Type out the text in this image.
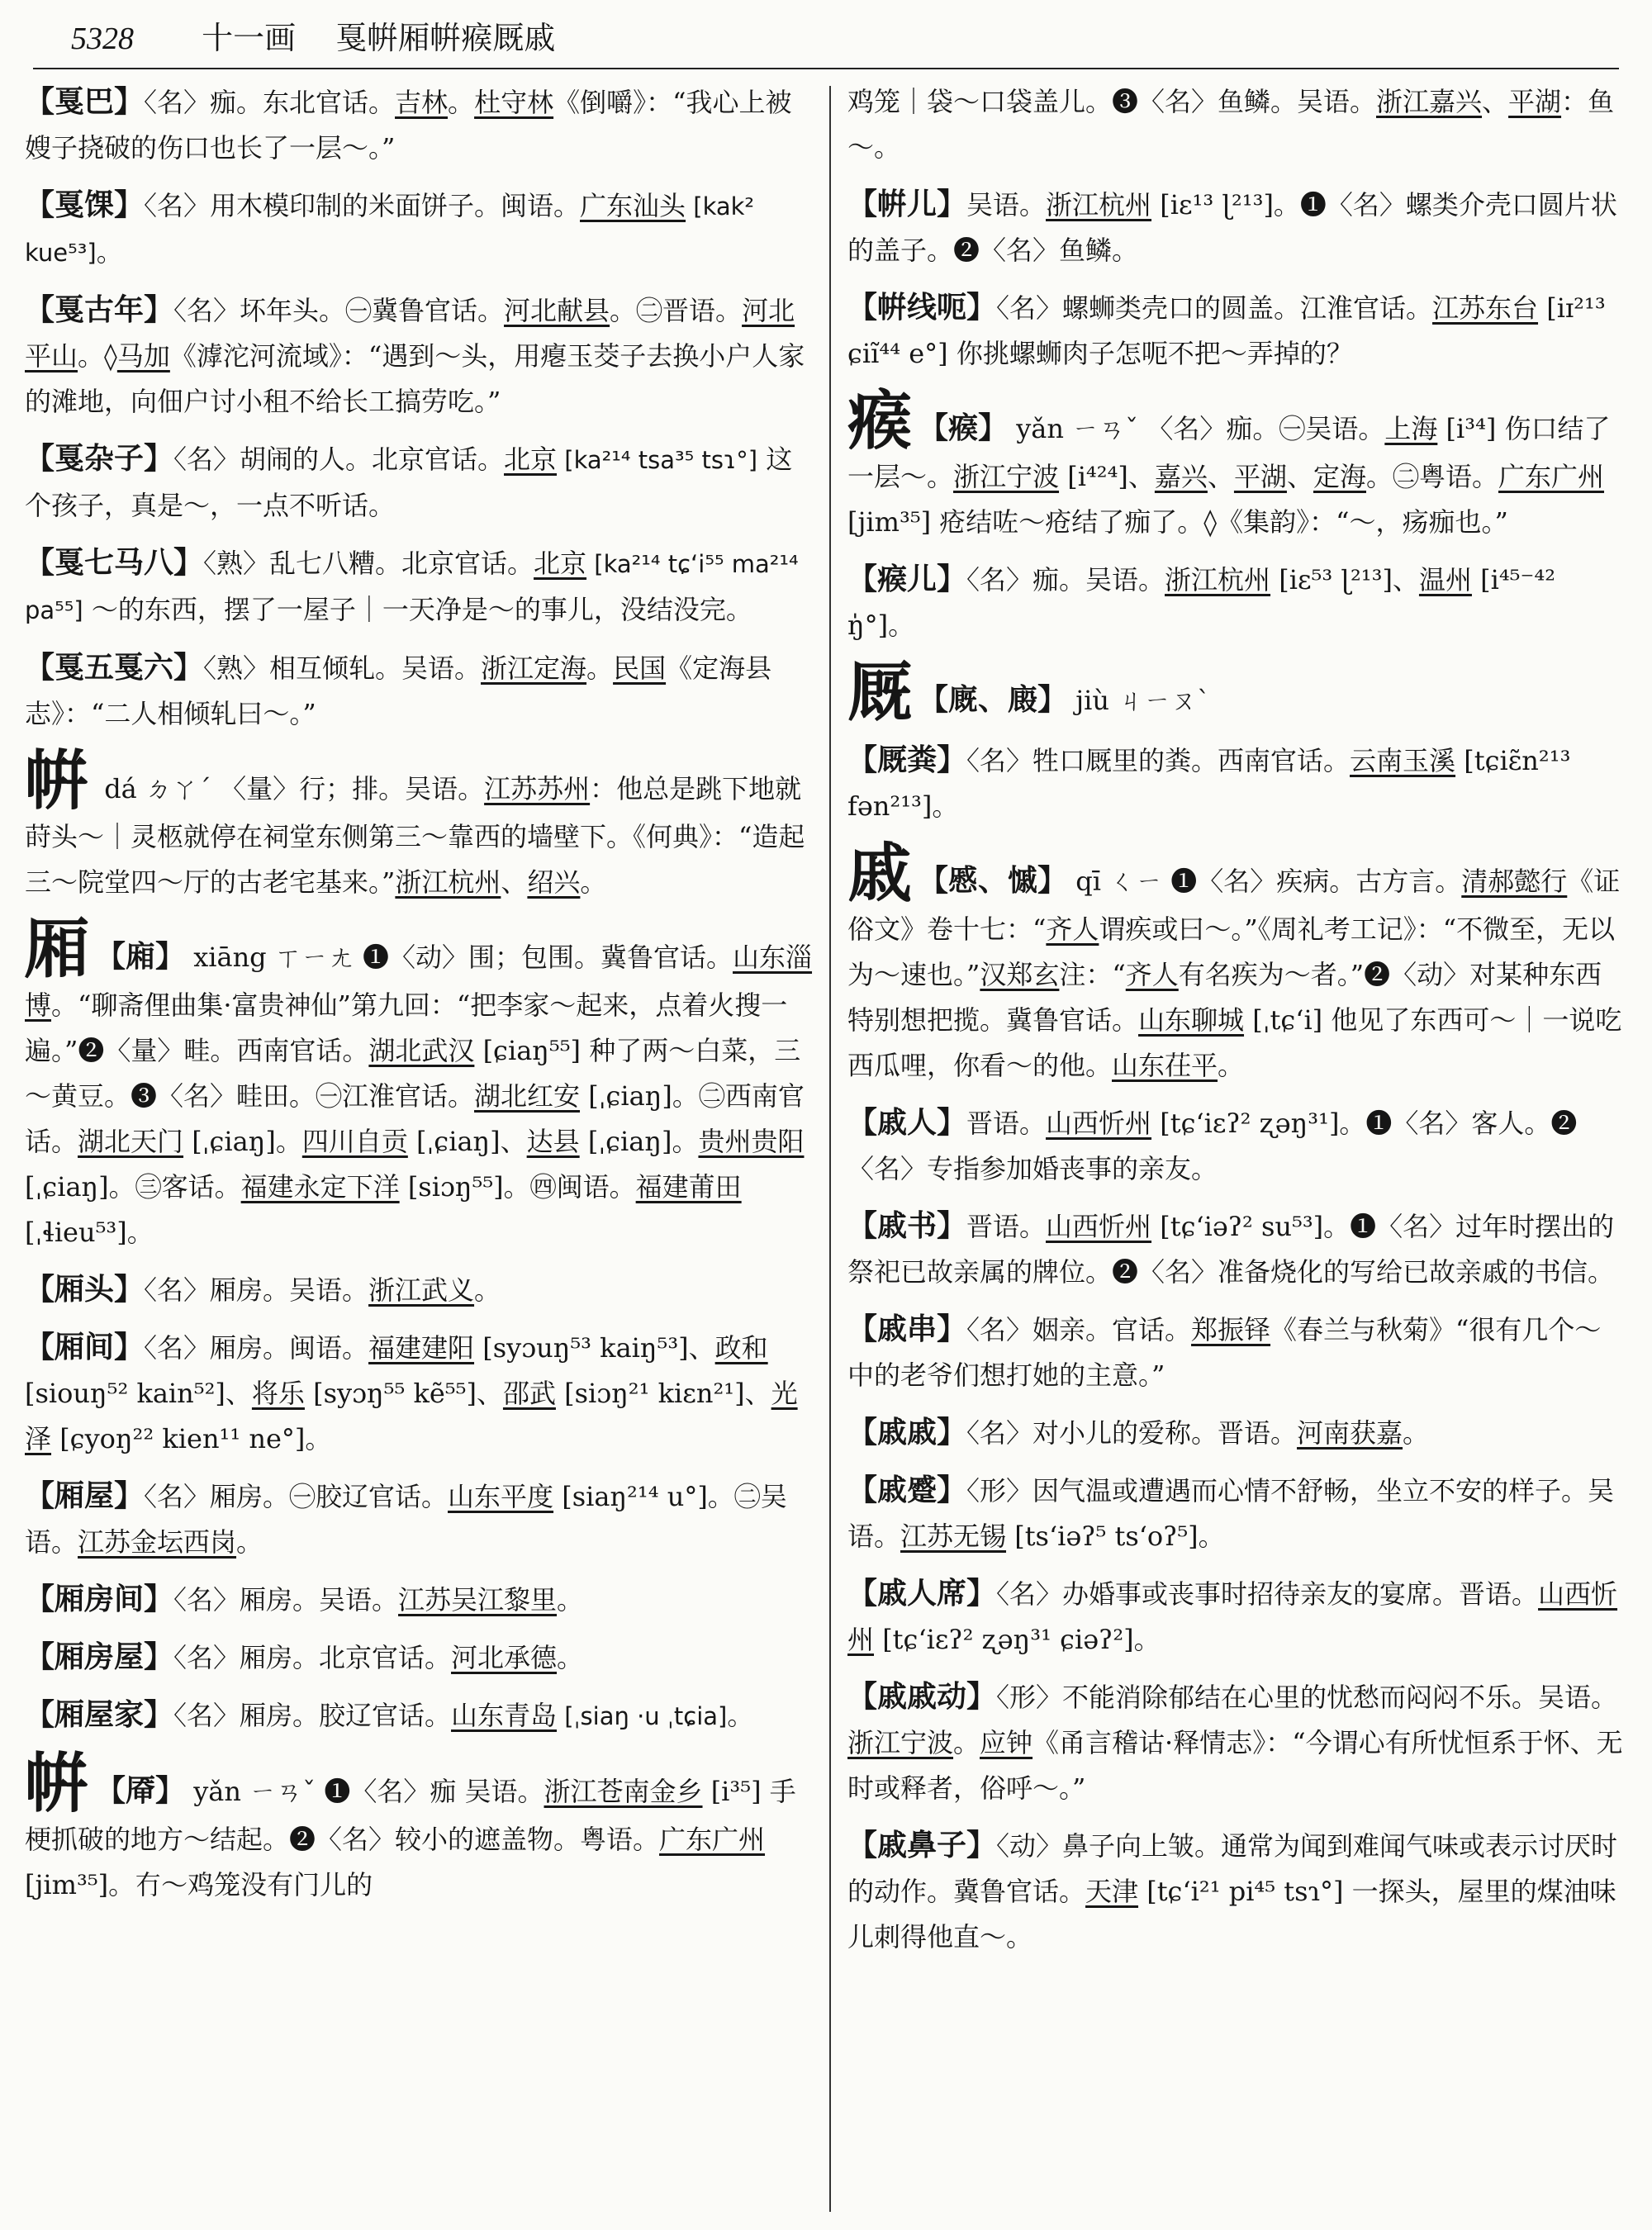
5328 十一画 戛帲厢帲瘊厩戚

【戛巴】〈名〉痂。东北官话。吉林。杜守林《倒嚼》：“我心上被嫂子挠破的伤口也长了一层～。”

【戛馃】〈名〉用木模印制的米面饼子。闽语。广东汕头 [kak² kue⁵³]。

【戛古年】〈名〉坏年头。㊀冀鲁官话。河北献县。㊁晋语。河北平山。◊马加《滹沱河流域》：“遇到～头，用瘪玉茭子去换小户人家的滩地，向佃户讨小租不给长工搞劳吃。”

【戛杂子】〈名〉胡闹的人。北京官话。北京 [ka²¹⁴ tsa³⁵ tsɿ°] 这个孩子，真是～，一点不听话。

【戛七马八】〈熟〉乱七八糟。北京官话。北京 [ka²¹⁴ tɕʻi⁵⁵ ma²¹⁴ pa⁵⁵] ～的东西，摆了一屋子｜一天净是～的事儿，没结没完。

【戛五戛六】〈熟〉相互倾轧。吴语。浙江定海。民国《定海县志》：“二人相倾轧曰～。”

帲 dá ㄉㄚˊ 〈量〉行；排。吴语。江苏苏州：他总是跳下地就莳头～｜灵柩就停在祠堂东侧第三～靠西的墙壁下。《何典》：“造起三～院堂四～厅的古老宅基来。”浙江杭州、绍兴。

厢 【廂】 xiāng ㄒㄧㄤ ❶〈动〉围；包围。冀鲁官话。山东淄博。“聊斋俚曲集·富贵神仙”第九回：“把李家～起来，点着火搜一遍。”❷〈量〉畦。西南官话。湖北武汉 [ɕiaŋ⁵⁵] 种了两～白菜，三～黄豆。❸〈名〉畦田。㊀江淮官话。湖北红安 [ˌɕiaŋ]。㊁西南官话。湖北天门 [ˌɕiaŋ]。四川自贡 [ˌɕiaŋ]、达县 [ˌɕiaŋ]。贵州贵阳 [ˌɕiaŋ]。㊂客话。福建永定下洋 [siɔŋ⁵⁵]。㊃闽语。福建莆田 [ˌɬieu⁵³]。

【厢头】〈名〉厢房。吴语。浙江武义。

【厢间】〈名〉厢房。闽语。福建建阳 [syɔuŋ⁵³ kaiŋ⁵³]、政和 [siouŋ⁵² kain⁵²]、将乐 [syɔŋ⁵⁵ kẽ⁵⁵]、邵武 [siɔŋ²¹ kiɛn²¹]、光泽 [ɕyoŋ²² kien¹¹ ne°]。

【厢屋】〈名〉厢房。㊀胶辽官话。山东平度 [siaŋ²¹⁴ u°]。㊁吴语。江苏金坛西岗。

【厢房间】〈名〉厢房。吴语。江苏吴江黎里。

【厢房屋】〈名〉厢房。北京官话。河北承德。

【厢屋家】〈名〉厢房。胶辽官话。山东青岛 [ˌsiaŋ ·u ˌtɕia]。

帲 【厣】 yǎn ㄧㄢˇ ❶〈名〉痂 吴语。浙江苍南金乡 [i³⁵] 手梗抓破的地方～结起。❷〈名〉较小的遮盖物。粤语。广东广州 [jim³⁵]。冇～鸡笼没有门儿的

鸡笼｜袋～口袋盖儿。❸〈名〉鱼鳞。吴语。浙江嘉兴、平湖：鱼～。

【帲儿】吴语。浙江杭州 [iɛ¹³ ɭ²¹³]。❶〈名〉螺类介壳口圆片状的盖子。❷〈名〉鱼鳞。

【帲线呃】〈名〉螺蛳类壳口的圆盖。江淮官话。江苏东台 [iɪ²¹³ ɕiĩ⁴⁴ e°] 你挑螺蛳肉子怎呃不把～弄掉的？

瘊 【瘊】 yǎn ㄧㄢˇ 〈名〉痂。㊀吴语。上海 [i³⁴] 伤口结了一层～。浙江宁波 [i⁴²⁴]、嘉兴、平湖、定海。㊁粤语。广东广州 [jim³⁵] 疮结咗～疮结了痂了。◊《集韵》：“～，疡痂也。”

【瘊儿】〈名〉痂。吴语。浙江杭州 [iɛ⁵³ ɭ²¹³]、温州 [i⁴⁵⁻⁴² ŋ̍°]。

厩 【廐、廄】 jiù ㄐㄧㄡˋ

【厩粪】〈名〉牲口厩里的粪。西南官话。云南玉溪 [tɕiɛ̃n²¹³ fən²¹³]。

戚 【慼、慽】 qī ㄑㄧ ❶〈名〉疾病。古方言。清郝懿行《证俗文》卷十七：“齐人谓疾或曰～。”《周礼考工记》：“不微至，无以为～速也。”汉郑玄注：“齐人有名疾为～者。”❷〈动〉对某种东西特别想把揽。冀鲁官话。山东聊城 [ˌtɕʻi] 他见了东西可～｜一说吃西瓜哩，你看～的他。山东茌平。

【戚人】晋语。山西忻州 [tɕʻiɛʔ² ʐəŋ³¹]。❶〈名〉客人。❷〈名〉专指参加婚丧事的亲友。

【戚书】晋语。山西忻州 [tɕʻiəʔ² su⁵³]。❶〈名〉过年时摆出的祭祀已故亲属的牌位。❷〈名〉准备烧化的写给已故亲戚的书信。

【戚串】〈名〉姻亲。官话。郑振铎《春兰与秋菊》“很有几个～中的老爷们想打她的主意。”

【戚戚】〈名〉对小儿的爱称。晋语。河南获嘉。

【戚蹙】〈形〉因气温或遭遇而心情不舒畅，坐立不安的样子。吴语。江苏无锡 [tsʻiəʔ⁵ tsʻoʔ⁵]。

【戚人席】〈名〉办婚事或丧事时招待亲友的宴席。晋语。山西忻州 [tɕʻiɛʔ² ʐəŋ³¹ ɕiəʔ²]。

【戚戚动】〈形〉不能消除郁结在心里的忧愁而闷闷不乐。吴语。浙江宁波。应钟《甬言稽诂·释情志》：“今谓心有所忧恒系于怀、无时或释者，俗呼～。”

【戚鼻子】〈动〉鼻子向上皱。通常为闻到难闻气味或表示讨厌时的动作。冀鲁官话。天津 [tɕʻi²¹ pi⁴⁵ tsɿ°] 一探头，屋里的煤油味儿刺得他直～。
